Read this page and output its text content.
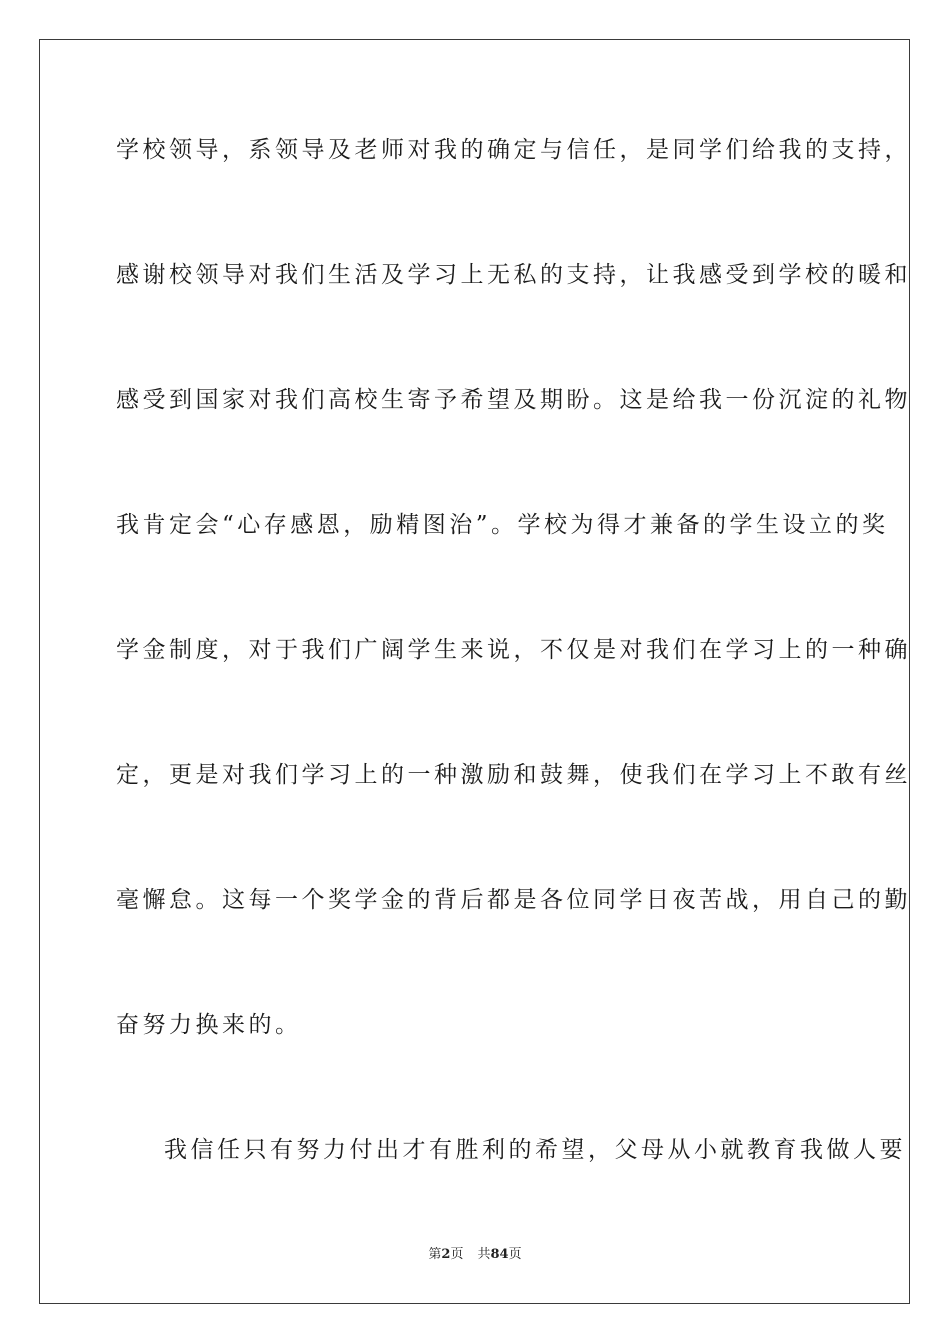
学校领导，系领导及老师对我的确定与信任，是同学们给我的支持，
感谢校领导对我们生活及学习上无私的支持，让我感受到学校的暖和
感受到国家对我们高校生寄予希望及期盼。这是给我一份沉淀的礼物
我肯定会“心存感恩，励精图治”。学校为得才兼备的学生设立的奖
学金制度，对于我们广阔学生来说，不仅是对我们在学习上的一种确
定，更是对我们学习上的一种激励和鼓舞，使我们在学习上不敢有丝
毫懈怠。这每一个奖学金的背后都是各位同学日夜苦战，用自己的勤
奋努力换来的。
我信任只有努力付出才有胜利的希望，父母从小就教育我做人要
第2页 共84页
